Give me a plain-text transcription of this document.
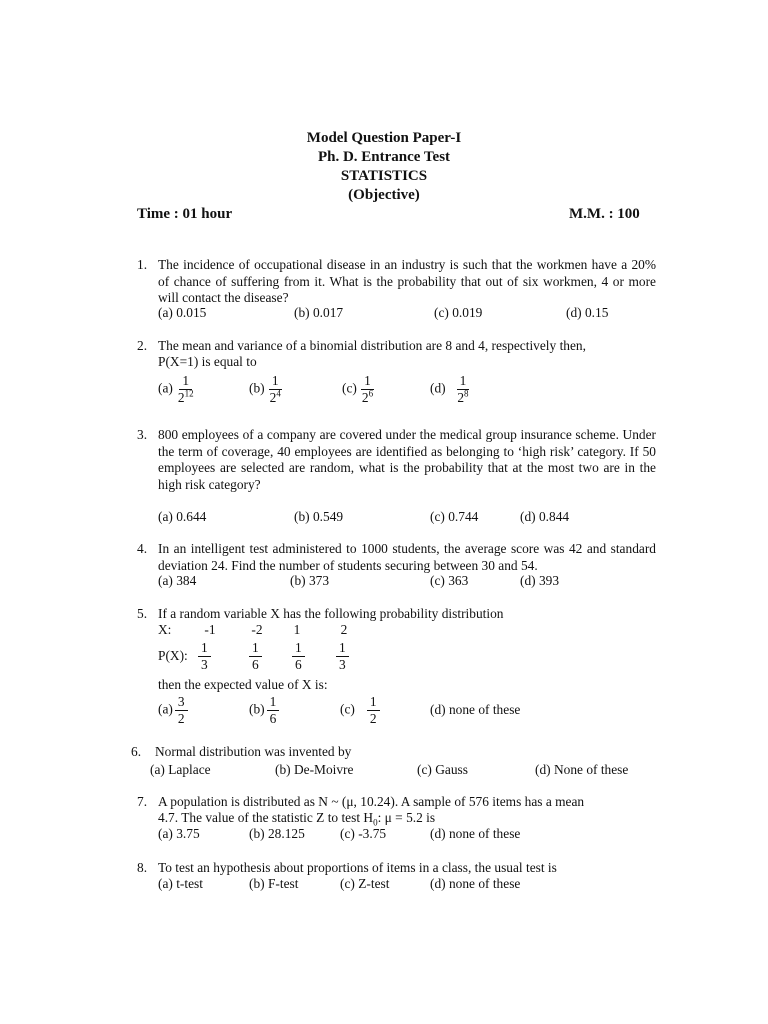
Model Question Paper-I
Ph. D. Entrance Test
STATISTICS
(Objective)
Time : 01 hour	M.M. : 100
1. The incidence of occupational disease in an industry is such that the workmen have a 20% of chance of suffering from it. What is the probability that out of six workmen, 4 or more will contact the disease?
(a) 0.015	(b) 0.017	(c) 0.019	(d) 0.15
2. The mean and variance of a binomial distribution are 8 and 4, respectively then,
P(X=1) is equal to
$(a) \frac{1}{2^{12}}$	$(b) \frac{1}{2^4}$	$(c) \frac{1}{2^6}$	$(d) \frac{1}{2^8}$
3. 800 employees of a company are covered under the medical group insurance scheme. Under the term of coverage, 40 employees are identified as belonging to ‘high risk’ category. If 50 employees are selected are random, what is the probability that at the most two are in the high risk category?
(a) 0.644	(b) 0.549	(c) 0.744	(d) 0.844
4. In an intelligent test administered to 1000 students, the average score was 42 and standard deviation 24. Find the number of students securing between 30 and 54.
(a) 384	(b) 373	(c) 363	(d) 393
5. If a random variable X has the following probability distribution
X:	-1	-2	1	2
P(X): $\frac{1}{3}$	$\frac{1}{6} \frac{1}{6} \frac{1}{3}$
then the expected value of X is:
$(a) \frac{3}{2}$	$(b) \frac{1}{6}$	$(c) \frac{1}{2}$	(d) none of these
6. Normal distribution was invented by
(a) Laplace	(b) De-Moivre	(c) Gauss	(d) None of these
7. A population is distributed as N ~ (μ, 10.24). A sample of 576 items has a mean
4.7. The value of the statistic Z to test $H_0$: μ = 5.2 is
(a) 3.75	(b) 28.125	(c) -3.75	(d) none of these
8. To test an hypothesis about proportions of items in a class, the usual test is
(a) t-test	(b) F-test	(c) Z-test	(d) none of these
